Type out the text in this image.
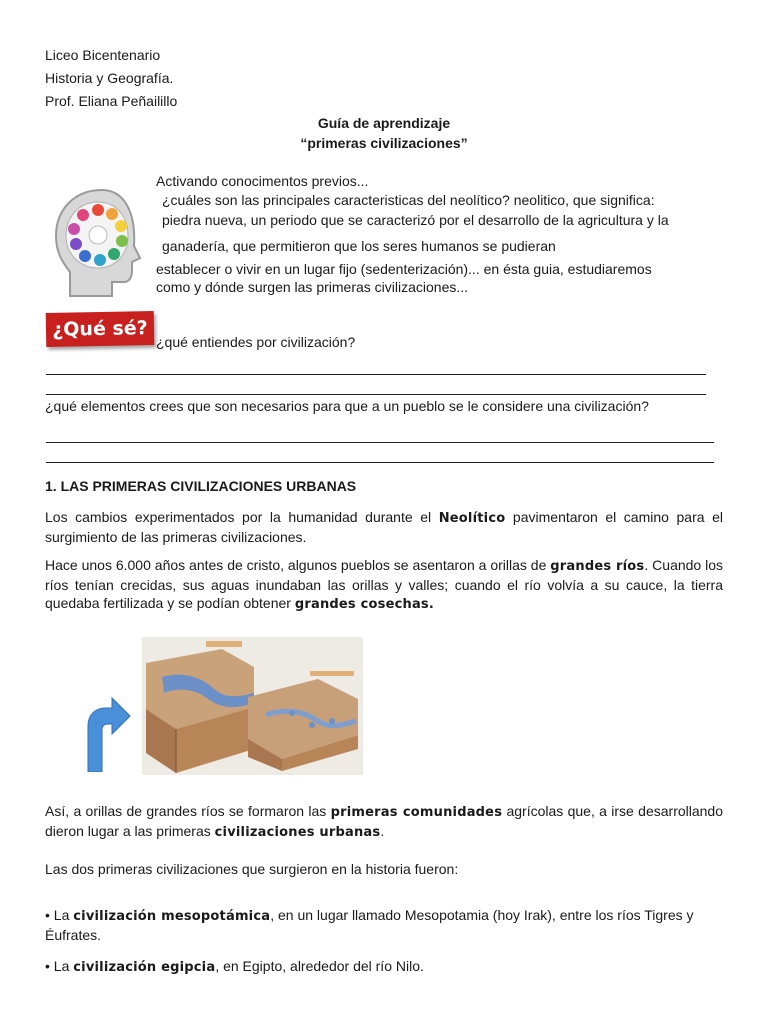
Liceo Bicentenario
Historia y Geografía.
Prof. Eliana Peñailillo
Guía de aprendizaje
“primeras civilizaciones”
Activando conocimentos previos...
¿cuáles son las principales caracteristicas del neolítico? neolitico, que significa:
piedra nueva, un periodo que se caracterizó por el desarrollo de la agricultura y la
ganadería, que permitieron que los seres humanos se pudieran
establecer o vivir en un lugar fijo (sedenterización)... en ésta guia, estudiaremos
como y dónde surgen las primeras civilizaciones...
¿Qué sé?
¿qué entiendes por civilización?
¿qué elementos crees que son necesarios para que a un pueblo se le considere una civilización?
1. LAS PRIMERAS CIVILIZACIONES URBANAS
Los cambios experimentados por la humanidad durante el Neolítico pavimentaron el camino para el surgimiento de las primeras civilizaciones.
Hace unos 6.000 años antes de cristo, algunos pueblos se asentaron a orillas de grandes ríos. Cuando los ríos tenían crecidas, sus aguas inundaban las orillas y valles; cuando el río volvía a su cauce, la tierra quedaba fertilizada y se podían obtener grandes cosechas.
Así, a orillas de grandes ríos se formaron las primeras comunidades agrícolas que, a irse desarrollando dieron lugar a las primeras civilizaciones urbanas.
Las dos primeras civilizaciones que surgieron en la historia fueron:
• La civilización mesopotámica, en un lugar llamado Mesopotamia (hoy Irak), entre los ríos Tigres y Éufrates.
• La civilización egipcia, en Egipto, alrededor del río Nilo.
